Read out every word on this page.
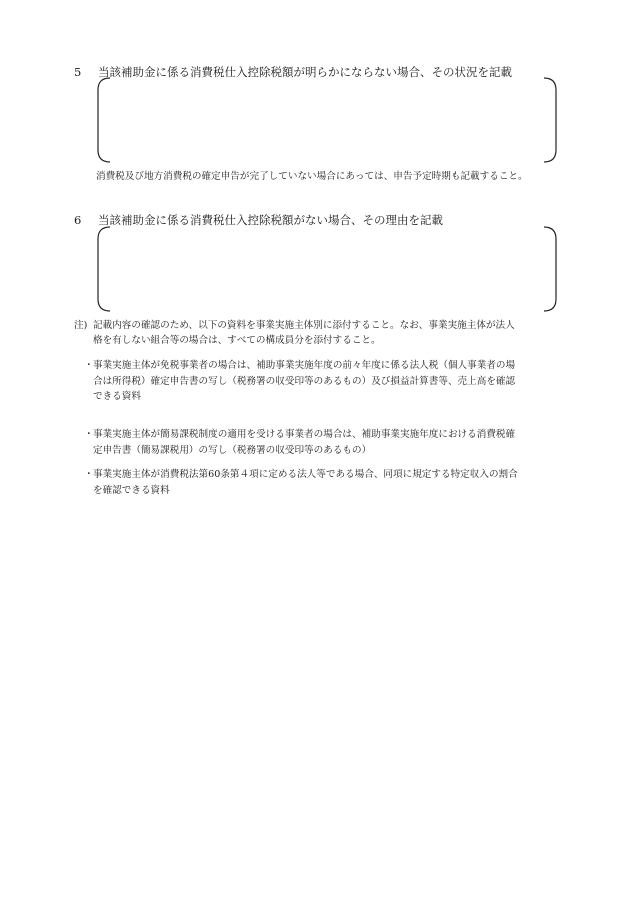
5 当該補助金に係る消費税仕入控除税額が明らかにならない場合、その状況を記載

消費税及び地方消費税の確定申告が完了していない場合にあっては、申告予定時期も記載すること。

6 当該補助金に係る消費税仕入控除税額がない場合、その理由を記載

注) 記載内容の確認のため、以下の資料を事業実施主体別に添付すること。なお、事業実施主体が法人

格を有しない組合等の場合は、すべての構成員分を添付すること。

・ 事業実施主体が免税事業者の場合は、補助事業実施年度の前々年度に係る法人税（個人事業者の場
合は所得税）確定申告書の写し（税務署の収受印等のあるもの）及び損益計算書等、売上高を確認
できる資料
・ 事業実施主体が簡易課税制度の適用を受ける事業者の場合は、補助事業実施年度における消費税確
定申告書（簡易課税用）の写し（税務署の収受印等のあるもの）
・ 事業実施主体が消費税法第60条第４項に定める法人等である場合、同項に規定する特定収入の割合
を確認できる資料
